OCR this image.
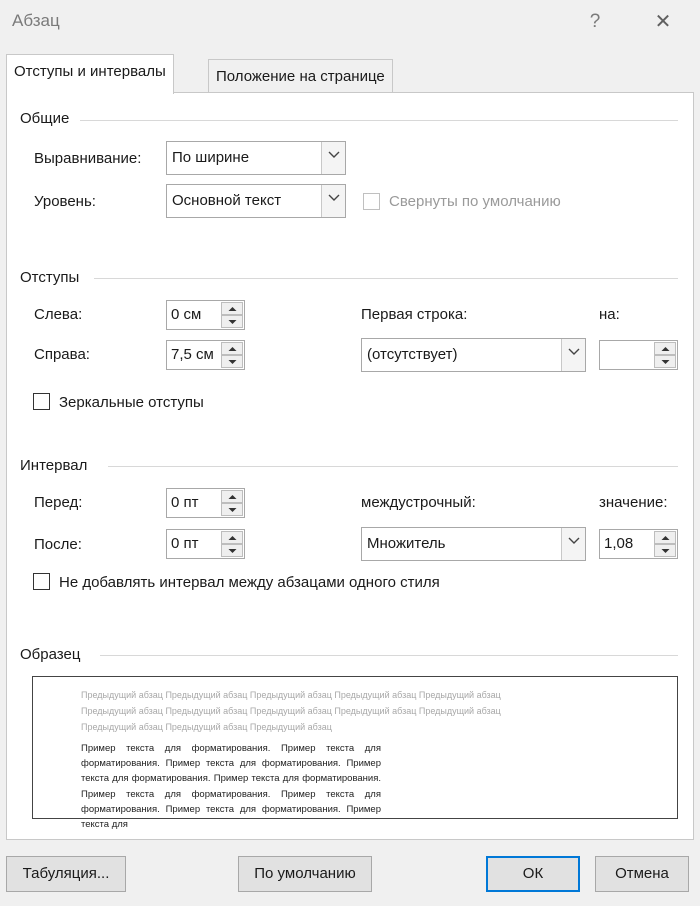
Абзац	?	✕
Отступы и интервалы	Положение на странице
Общие
Выравнивание: По ширине
Уровень:	Основной текст	Свернуты по умолчанию
Отступы
Слева:	0 см
Справа:	7,5 см
Первая строка:
(отсутствует)
на:
Зеркальные отступы
Интервал
Перед:	0 пт
После:	0 пт
междустрочный:
Множитель
значение:
1,08
Не добавлять интервал между абзацами одного стиля
Образец
Предыдущий абзац Предыдущий абзац Предыдущий абзац Предыдущий абзац Предыдущий абзац Предыдущий абзац Предыдущий абзац Предыдущий абзац Предыдущий абзац Предыдущий абзац Предыдущий абзац Предыдущий абзац Предыдущий абзац
Пример текста для форматирования. Пример текста для форматирования. Пример текста для форматирования. Пример текста для форматирования. Пример текста для форматирования. Пример текста для форматирования. Пример текста для форматирования. Пример текста для форматирования. Пример текста для
Табуляция...	По умолчанию	ОК	Отмена
